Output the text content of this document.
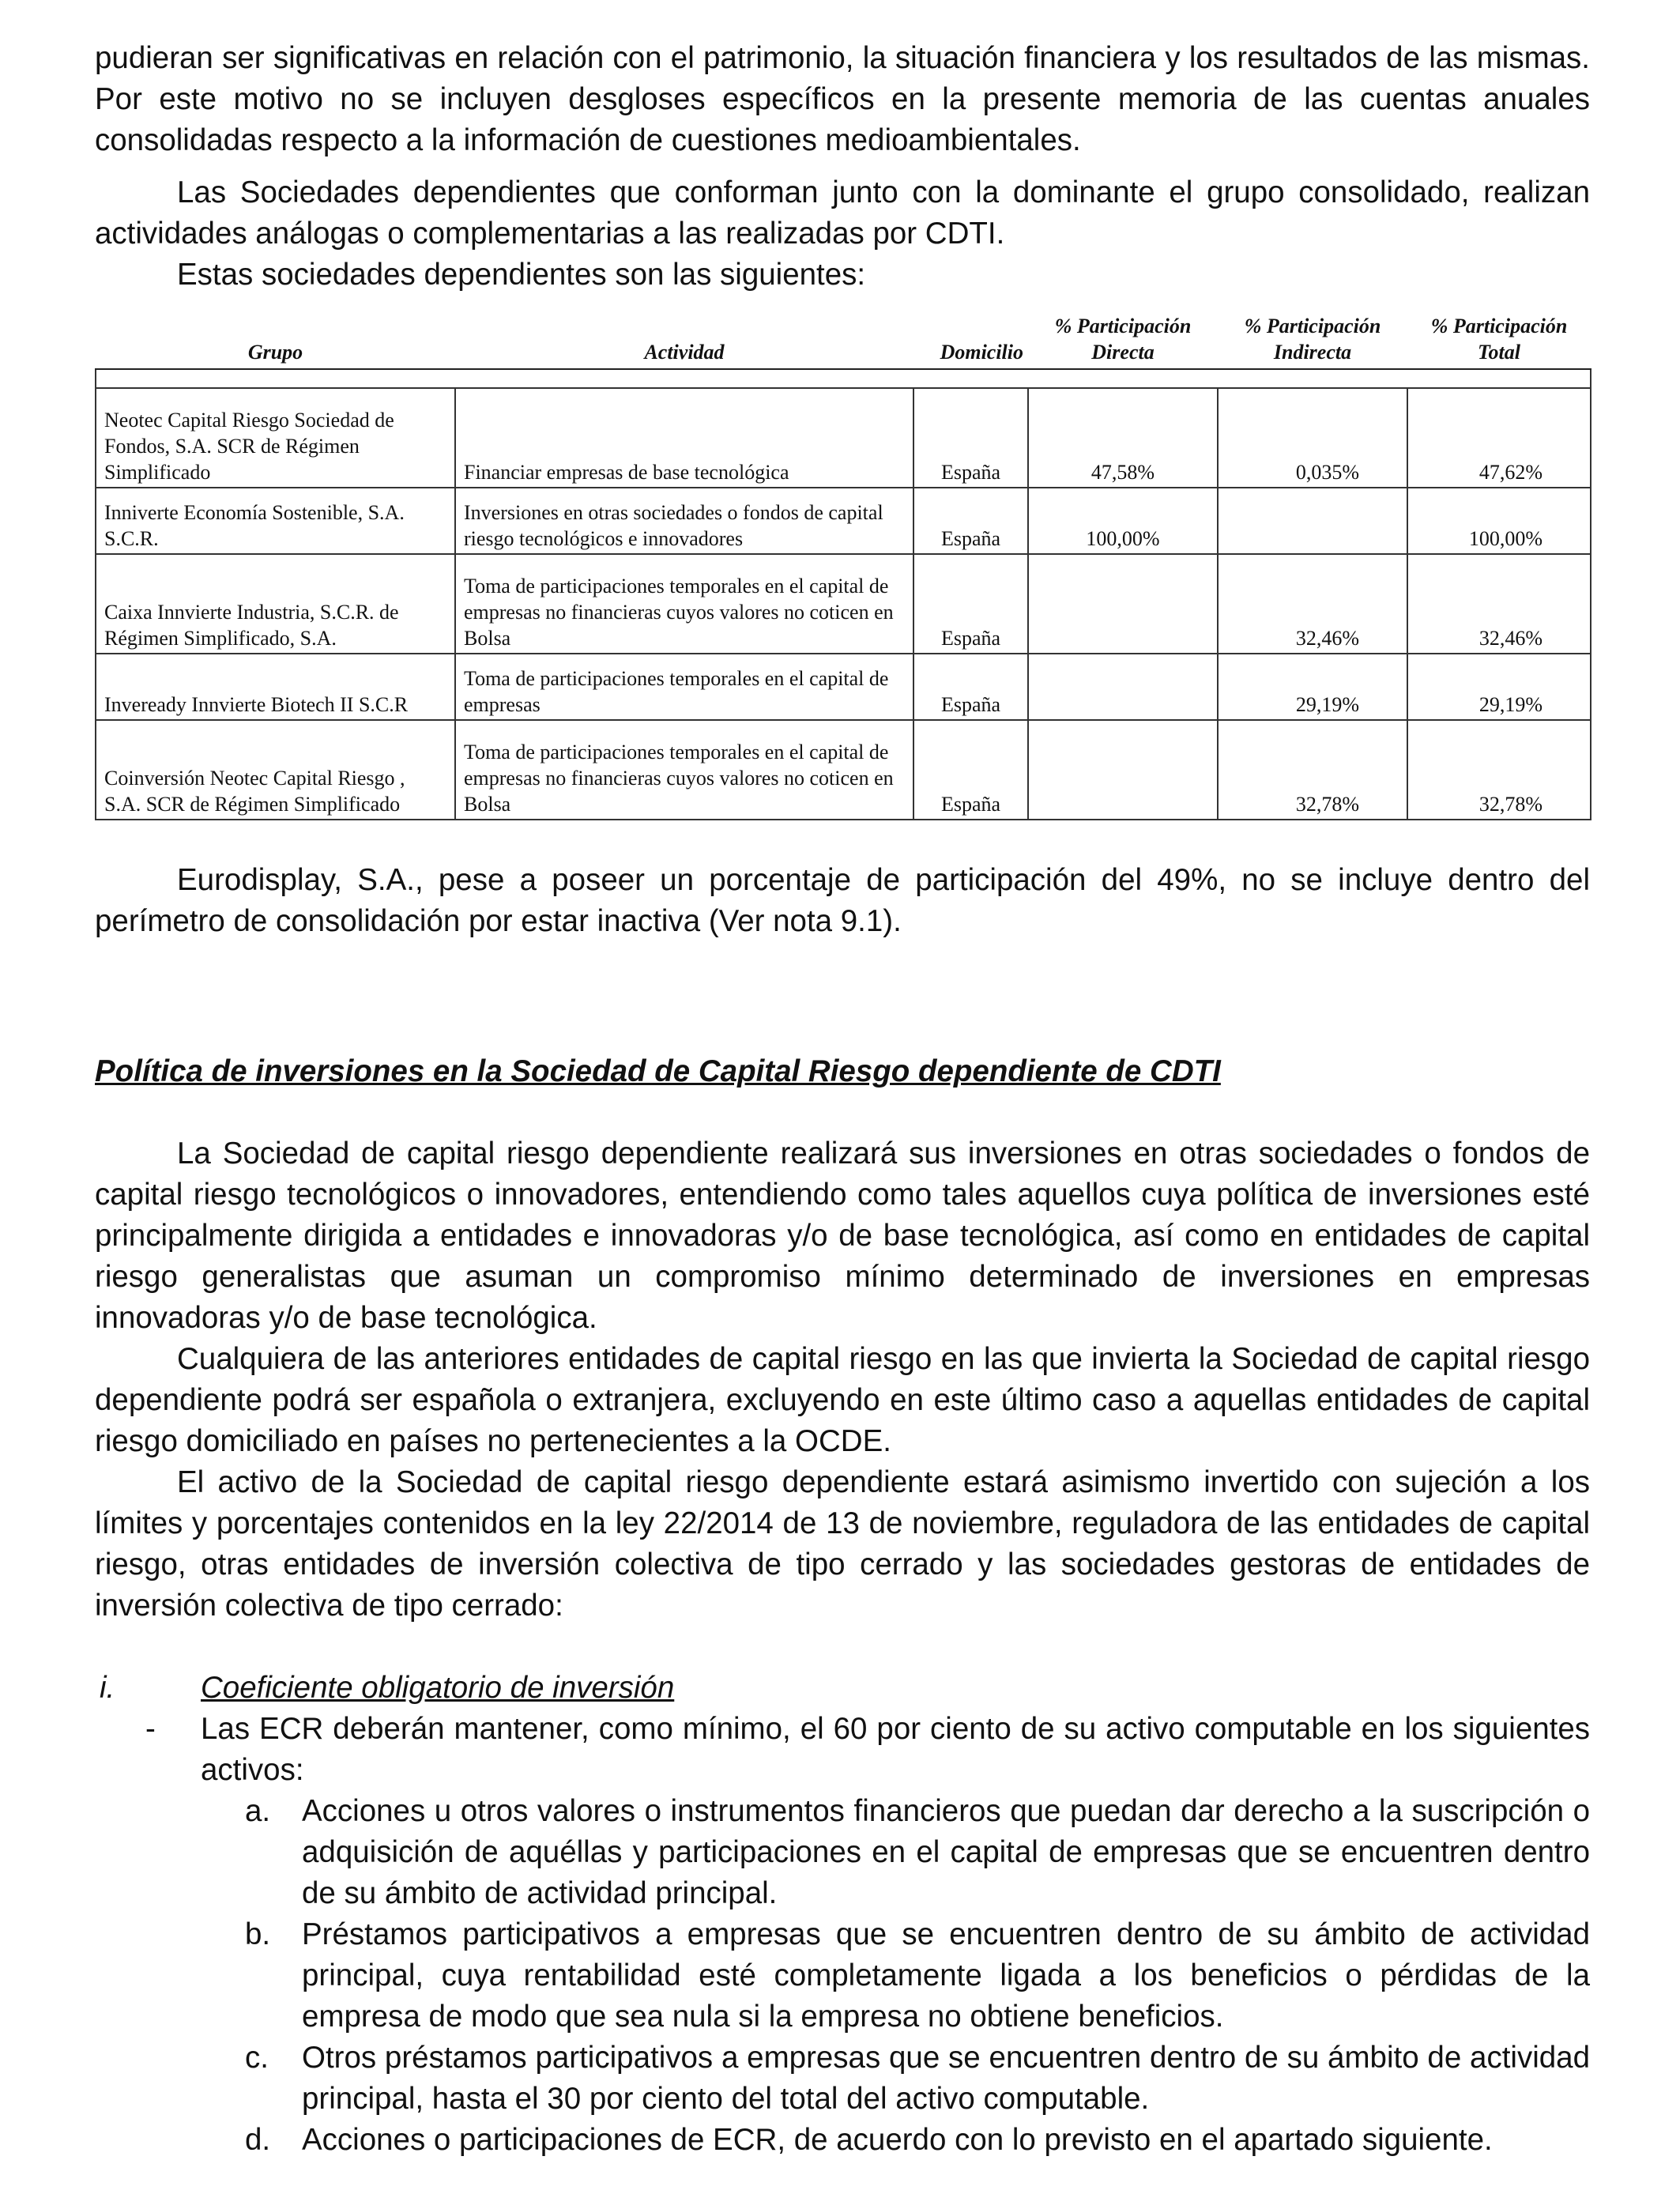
pudieran ser significativas en relación con el patrimonio, la situación financiera y los resultados de las mismas. Por este motivo no se incluyen desgloses específicos en la presente memoria de las cuentas anuales consolidadas respecto a la información de cuestiones medioambientales.

Las Sociedades dependientes que conforman junto con la dominante el grupo consolidado, realizan actividades análogas o complementarias a las realizadas por CDTI.

Estas sociedades dependientes son las siguientes:

Grupo	Actividad	Domicilio	% Participación Directa	% Participación Indirecta	% Participación Total

Neotec Capital Riesgo Sociedad de Fondos, S.A. SCR de Régimen Simplificado	Financiar empresas de base tecnológica	España	47,58%	0,035%	47,62%
Inniverte Economía Sostenible, S.A. S.C.R.	Inversiones en otras sociedades o fondos de capital riesgo tecnológicos e innovadores	España	100,00%		100,00%
Caixa Innvierte Industria, S.C.R. de Régimen Simplificado, S.A.	Toma de participaciones temporales en el capital de empresas no financieras cuyos valores no coticen en Bolsa	España		32,46%	32,46%
Inveready Innvierte Biotech II S.C.R	Toma de participaciones temporales en el capital de empresas	España		29,19%	29,19%
Coinversión Neotec Capital Riesgo , S.A. SCR de Régimen Simplificado	Toma de participaciones temporales en el capital de empresas no financieras cuyos valores no coticen en Bolsa	España		32,78%	32,78%

Eurodisplay, S.A., pese a poseer un porcentaje de participación del 49%, no se incluye dentro del perímetro de consolidación por estar inactiva (Ver nota 9.1).

Política de inversiones en la Sociedad de Capital Riesgo dependiente de CDTI

La Sociedad de capital riesgo dependiente realizará sus inversiones en otras sociedades o fondos de capital riesgo tecnológicos o innovadores, entendiendo como tales aquellos cuya política de inversiones esté principalmente dirigida a entidades e innovadoras y/o de base tecnológica, así como en entidades de capital riesgo generalistas que asuman un compromiso mínimo determinado de inversiones en empresas innovadoras y/o de base tecnológica.

Cualquiera de las anteriores entidades de capital riesgo en las que invierta la Sociedad de capital riesgo dependiente podrá ser española o extranjera, excluyendo en este último caso a aquellas entidades de capital riesgo domiciliado en países no pertenecientes a la OCDE.

El activo de la Sociedad de capital riesgo dependiente estará asimismo invertido con sujeción a los límites y porcentajes contenidos en la ley 22/2014 de 13 de noviembre, reguladora de las entidades de capital riesgo, otras entidades de inversión colectiva de tipo cerrado y las sociedades gestoras de entidades de inversión colectiva de tipo cerrado:

i.	Coeficiente obligatorio de inversión
-	Las ECR deberán mantener, como mínimo, el 60 por ciento de su activo computable en los siguientes activos:
a.	Acciones u otros valores o instrumentos financieros que puedan dar derecho a la suscripción o adquisición de aquéllas y participaciones en el capital de empresas que se encuentren dentro de su ámbito de actividad principal.
b.	Préstamos participativos a empresas que se encuentren dentro de su ámbito de actividad principal, cuya rentabilidad esté completamente ligada a los beneficios o pérdidas de la empresa de modo que sea nula si la empresa no obtiene beneficios.
c.	Otros préstamos participativos a empresas que se encuentren dentro de su ámbito de actividad principal, hasta el 30 por ciento del total del activo computable.
d.	Acciones o participaciones de ECR, de acuerdo con lo previsto en el apartado siguiente.
